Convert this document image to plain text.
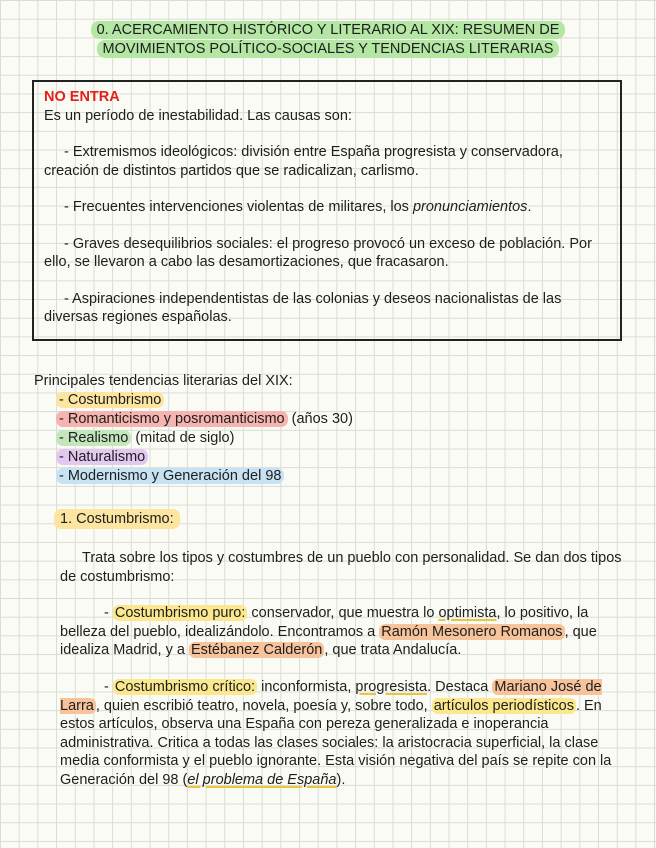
0. ACERCAMIENTO HISTÓRICO Y LITERARIO AL XIX: RESUMEN DE
MOVIMIENTOS POLÍTICO-SOCIALES Y TENDENCIAS LITERARIAS
NO ENTRA
Es un período de inestabilidad. Las causas son:
- Extremismos ideológicos: división entre España progresista y conservadora, creación de distintos partidos que se radicalizan, carlismo.
- Frecuentes intervenciones violentas de militares, los pronunciamientos.
- Graves desequilibrios sociales: el progreso provocó un exceso de población. Por ello, se llevaron a cabo las desamortizaciones, que fracasaron.
- Aspiraciones independentistas de las colonias y deseos nacionalistas de las diversas regiones españolas.
Principales tendencias literarias del XIX:
- Costumbrismo
- Romanticismo y posromanticismo (años 30)
- Realismo (mitad de siglo)
- Naturalismo
- Modernismo y Generación del 98
1. Costumbrismo:
Trata sobre los tipos y costumbres de un pueblo con personalidad. Se dan dos tipos de costumbrismo:
- Costumbrismo puro: conservador, que muestra lo optimista, lo positivo, la belleza del pueblo, idealizándolo. Encontramos a Ramón Mesonero Romanos , que idealiza Madrid, y a Estébanez Calderón , que trata Andalucía.
- Costumbrismo crítico: inconformista, progresista. Destaca Mariano José de Larra , quien escribió teatro, novela, poesía y, sobre todo, artículos periodísticos . En estos artículos, observa una España con pereza generalizada e inoperancia administrativa. Critica a todas las clases sociales: la aristocracia superficial, la clase media conformista y el pueblo ignorante. Esta visión negativa del país se repite con la Generación del 98 (el problema de España).
